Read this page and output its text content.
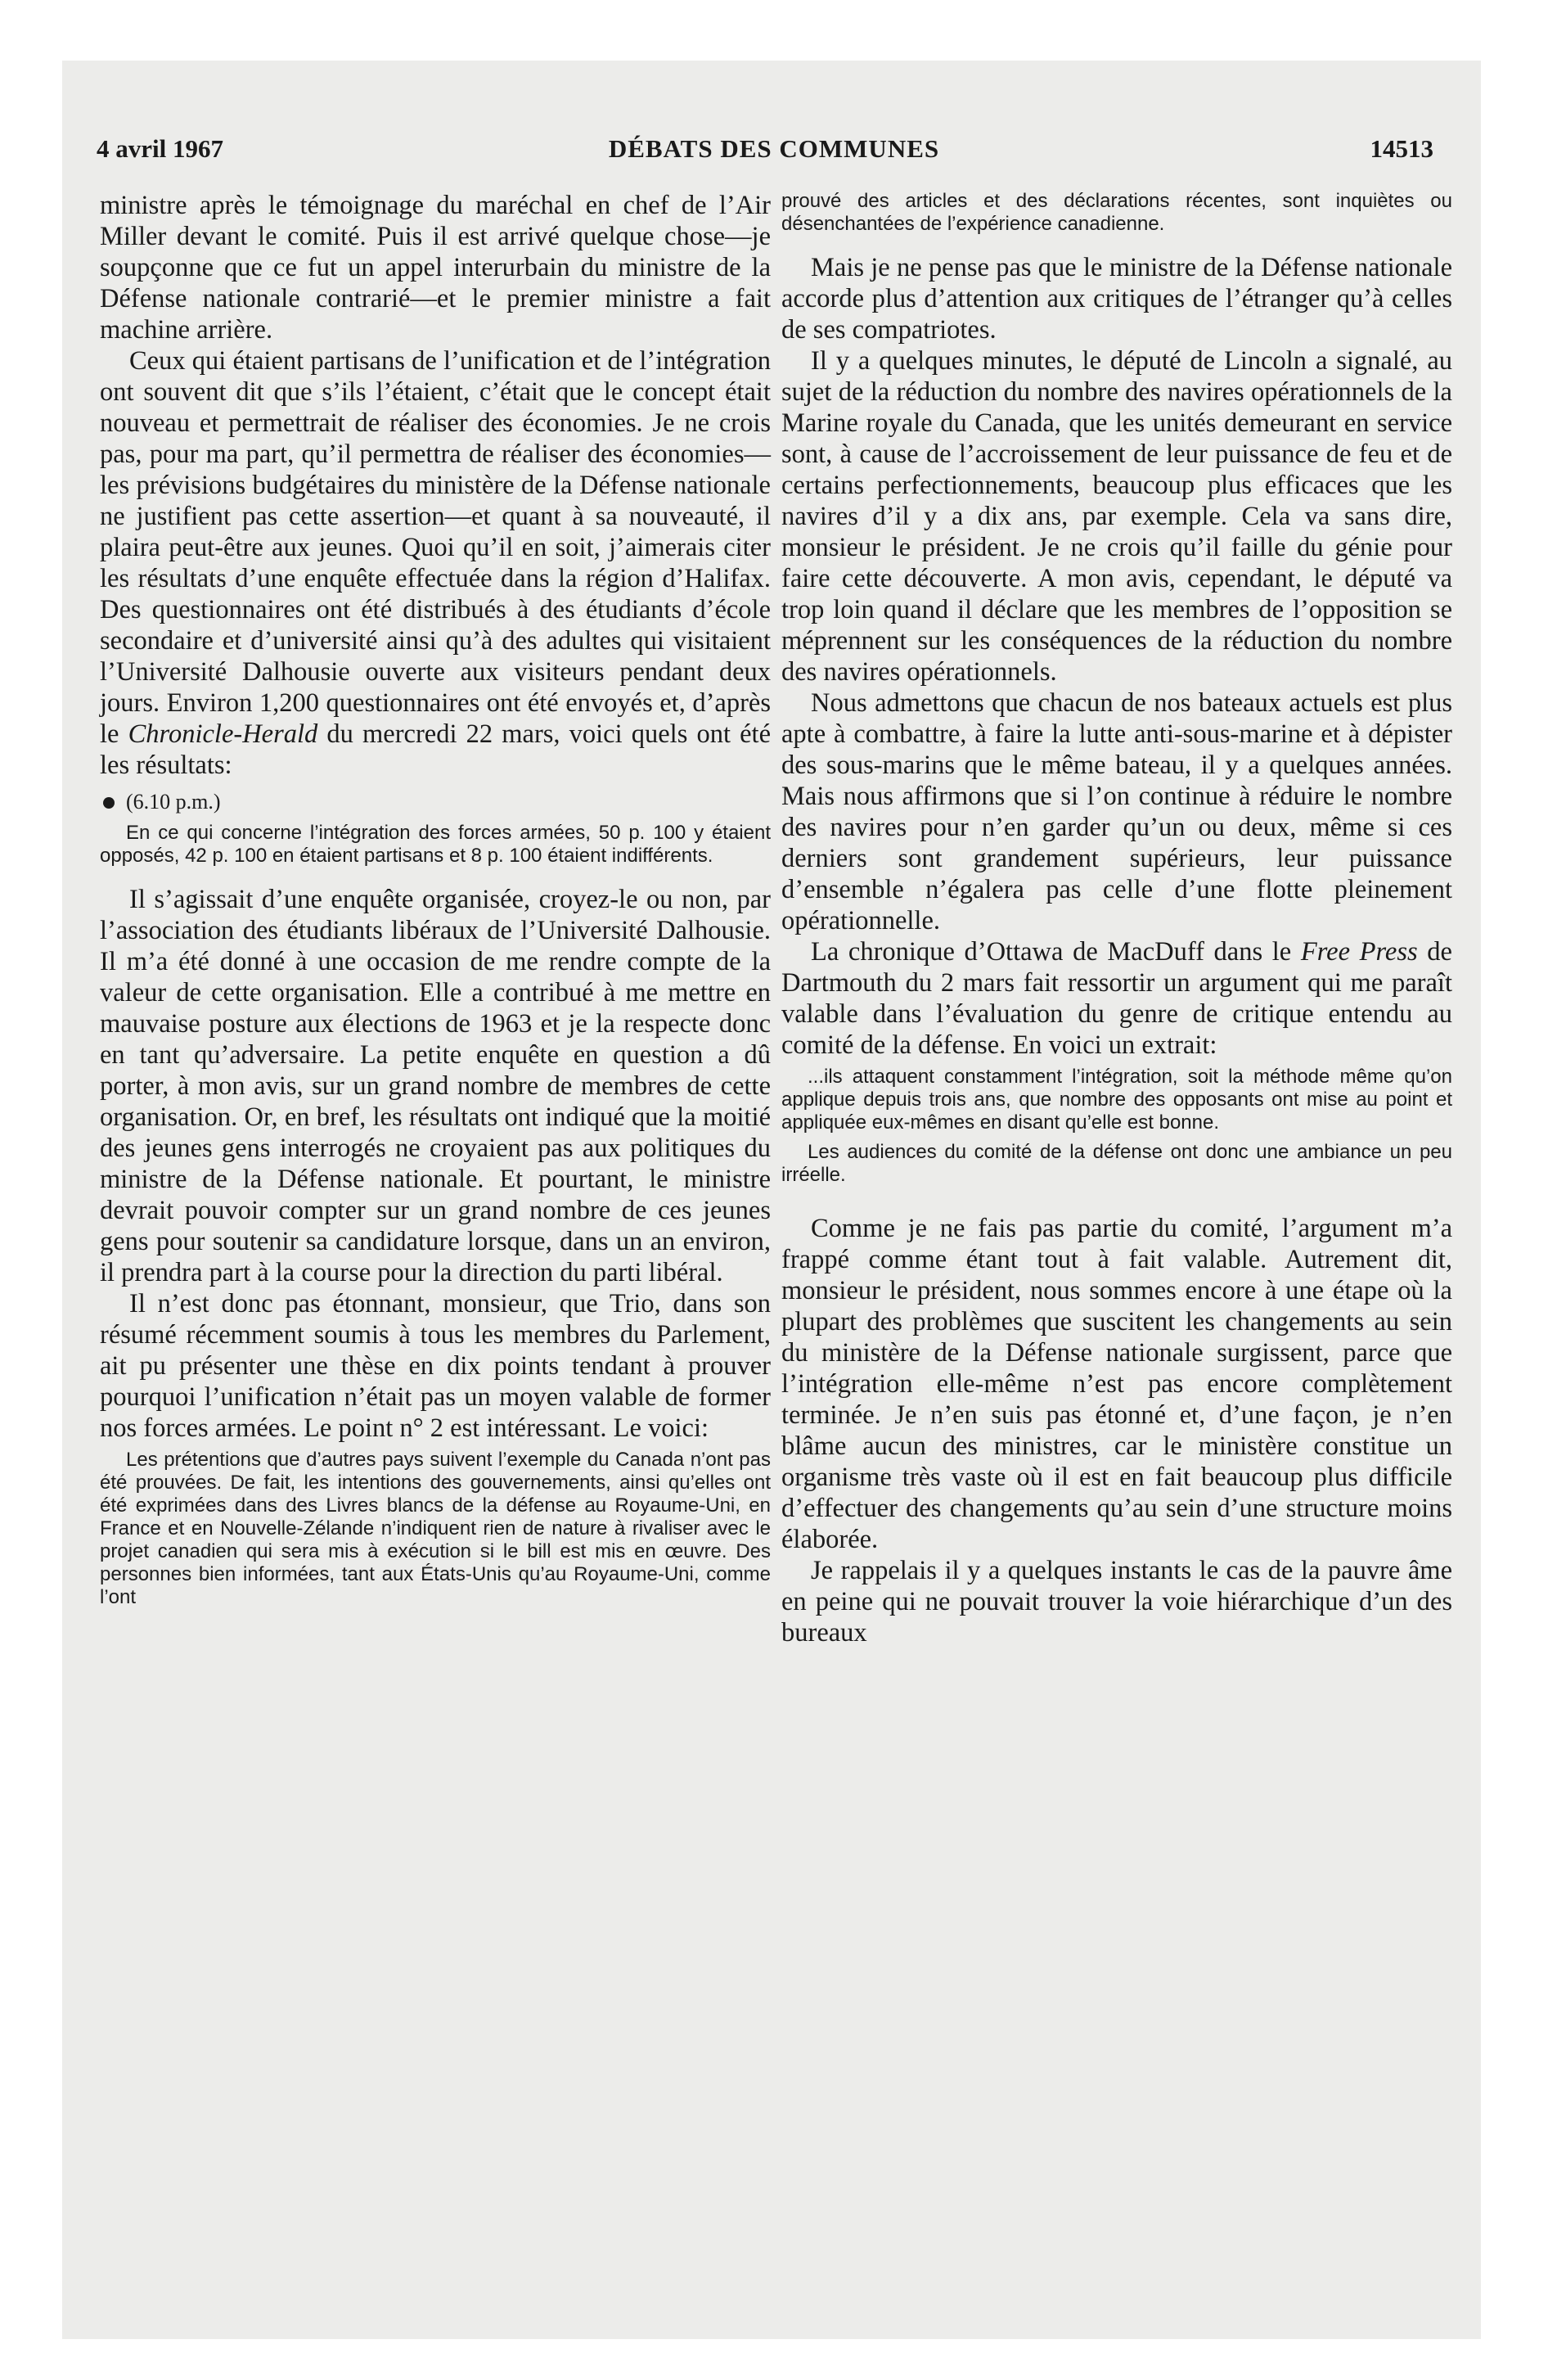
4 avril 1967	DÉBATS DES COMMUNES	14513

ministre après le témoignage du maréchal en chef de l’Air Miller devant le comité. Puis il est arrivé quelque chose—je soupçonne que ce fut un appel interurbain du ministre de la Défense nationale contrarié—et le premier ministre a fait machine arrière.

Ceux qui étaient partisans de l’unification et de l’intégration ont souvent dit que s’ils l’étaient, c’était que le concept était nouveau et permettrait de réaliser des économies. Je ne crois pas, pour ma part, qu’il permettra de réaliser des économies—les prévisions budgétaires du ministère de la Défense nationale ne justifient pas cette assertion—et quant à sa nouveauté, il plaira peut-être aux jeunes. Quoi qu’il en soit, j’aimerais citer les résultats d’une enquête effectuée dans la région d’Halifax. Des questionnaires ont été distribués à des étudiants d’école secondaire et d’université ainsi qu’à des adultes qui visitaient l’Université Dalhousie ouverte aux visiteurs pendant deux jours. Environ 1,200 questionnaires ont été envoyés et, d’après le Chronicle-Herald du mercredi 22 mars, voici quels ont été les résultats:

(6.10 p.m.)

En ce qui concerne l’intégration des forces armées, 50 p. 100 y étaient opposés, 42 p. 100 en étaient partisans et 8 p. 100 étaient indifférents.

Il s’agissait d’une enquête organisée, croyez-le ou non, par l’association des étudiants libéraux de l’Université Dalhousie. Il m’a été donné à une occasion de me rendre compte de la valeur de cette organisation. Elle a contribué à me mettre en mauvaise posture aux élections de 1963 et je la respecte donc en tant qu’adversaire. La petite enquête en question a dû porter, à mon avis, sur un grand nombre de membres de cette organisation. Or, en bref, les résultats ont indiqué que la moitié des jeunes gens interrogés ne croyaient pas aux politiques du ministre de la Défense nationale. Et pourtant, le ministre devrait pouvoir compter sur un grand nombre de ces jeunes gens pour soutenir sa candidature lorsque, dans un an environ, il prendra part à la course pour la direction du parti libéral.

Il n’est donc pas étonnant, monsieur, que Trio, dans son résumé récemment soumis à tous les membres du Parlement, ait pu présenter une thèse en dix points tendant à prouver pourquoi l’unification n’était pas un moyen valable de former nos forces armées. Le point n° 2 est intéressant. Le voici:

Les prétentions que d’autres pays suivent l’exemple du Canada n’ont pas été prouvées. De fait, les intentions des gouvernements, ainsi qu’elles ont été exprimées dans des Livres blancs de la défense au Royaume-Uni, en France et en Nouvelle-Zélande n’indiquent rien de nature à rivaliser avec le projet canadien qui sera mis à exécution si le bill est mis en œuvre. Des personnes bien informées, tant aux États-Unis qu’au Royaume-Uni, comme l’ont

prouvé des articles et des déclarations récentes, sont inquiètes ou désenchantées de l’expérience canadienne.

Mais je ne pense pas que le ministre de la Défense nationale accorde plus d’attention aux critiques de l’étranger qu’à celles de ses compatriotes.

Il y a quelques minutes, le député de Lincoln a signalé, au sujet de la réduction du nombre des navires opérationnels de la Marine royale du Canada, que les unités demeurant en service sont, à cause de l’accroissement de leur puissance de feu et de certains perfectionnements, beaucoup plus efficaces que les navires d’il y a dix ans, par exemple. Cela va sans dire, monsieur le président. Je ne crois qu’il faille du génie pour faire cette découverte. A mon avis, cependant, le député va trop loin quand il déclare que les membres de l’opposition se méprennent sur les conséquences de la réduction du nombre des navires opérationnels.

Nous admettons que chacun de nos bateaux actuels est plus apte à combattre, à faire la lutte anti-sous-marine et à dépister des sous-marins que le même bateau, il y a quelques années. Mais nous affirmons que si l’on continue à réduire le nombre des navires pour n’en garder qu’un ou deux, même si ces derniers sont grandement supérieurs, leur puissance d’ensemble n’égalera pas celle d’une flotte pleinement opérationnelle.

La chronique d’Ottawa de MacDuff dans le Free Press de Dartmouth du 2 mars fait ressortir un argument qui me paraît valable dans l’évaluation du genre de critique entendu au comité de la défense. En voici un extrait:

...ils attaquent constamment l’intégration, soit la méthode même qu’on applique depuis trois ans, que nombre des opposants ont mise au point et appliquée eux-mêmes en disant qu’elle est bonne.

Les audiences du comité de la défense ont donc une ambiance un peu irréelle.

Comme je ne fais pas partie du comité, l’argument m’a frappé comme étant tout à fait valable. Autrement dit, monsieur le président, nous sommes encore à une étape où la plupart des problèmes que suscitent les changements au sein du ministère de la Défense nationale surgissent, parce que l’intégration elle-même n’est pas encore complètement terminée. Je n’en suis pas étonné et, d’une façon, je n’en blâme aucun des ministres, car le ministère constitue un organisme très vaste où il est en fait beaucoup plus difficile d’effectuer des changements qu’au sein d’une structure moins élaborée.

Je rappelais il y a quelques instants le cas de la pauvre âme en peine qui ne pouvait trouver la voie hiérarchique d’un des bureaux
